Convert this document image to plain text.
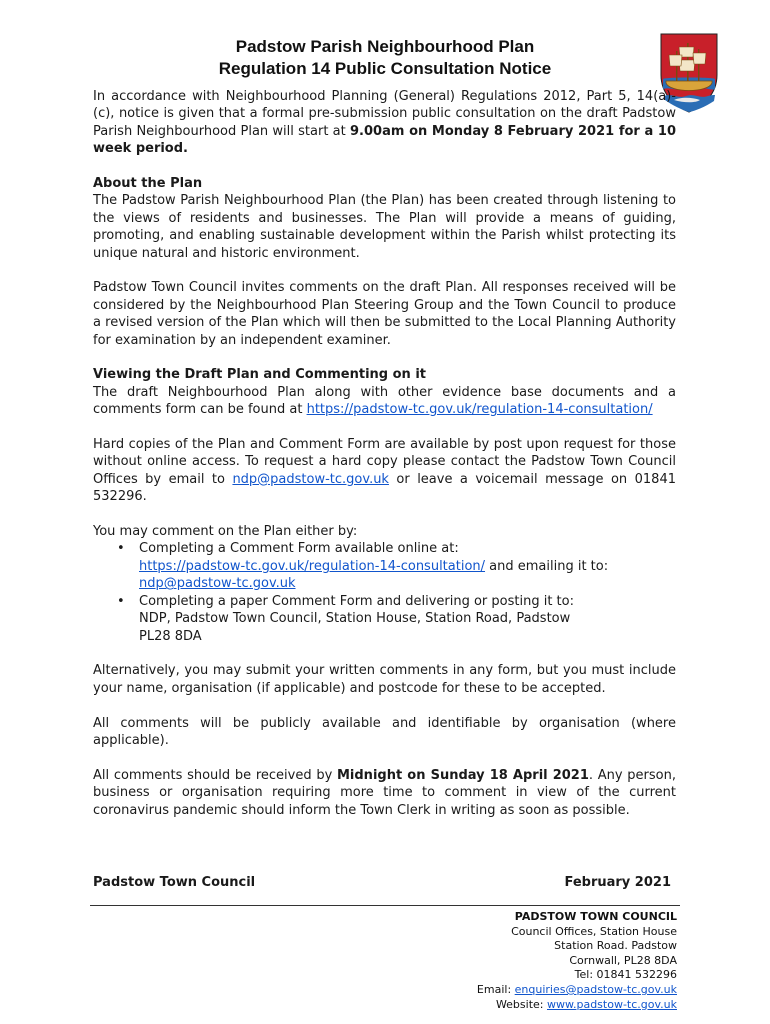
Padstow Parish Neighbourhood Plan
Regulation 14 Public Consultation Notice

In accordance with Neighbourhood Planning (General) Regulations 2012, Part 5, 14(a)-(c), notice is given that a formal pre-submission public consultation on the draft Padstow Parish Neighbourhood Plan will start at 9.00am on Monday 8 February 2021 for a 10 week period.

About the Plan

The Padstow Parish Neighbourhood Plan (the Plan) has been created through listening to the views of residents and businesses. The Plan will provide a means of guiding, promoting, and enabling sustainable development within the Parish whilst protecting its unique natural and historic environment.

Padstow Town Council invites comments on the draft Plan. All responses received will be considered by the Neighbourhood Plan Steering Group and the Town Council to produce a revised version of the Plan which will then be submitted to the Local Planning Authority for examination by an independent examiner.

Viewing the Draft Plan and Commenting on it

The draft Neighbourhood Plan along with other evidence base documents and a comments form can be found at https://padstow-tc.gov.uk/regulation-14-consultation/

Hard copies of the Plan and Comment Form are available by post upon request for those without online access. To request a hard copy please contact the Padstow Town Council Offices by email to ndp@padstow-tc.gov.uk or leave a voicemail message on 01841 532296.

You may comment on the Plan either by:

• Completing a Comment Form available online at:
https://padstow-tc.gov.uk/regulation-14-consultation/ and emailing it to:
ndp@padstow-tc.gov.uk
• Completing a paper Comment Form and delivering or posting it to:
NDP, Padstow Town Council, Station House, Station Road, Padstow
PL28 8DA

Alternatively, you may submit your written comments in any form, but you must include your name, organisation (if applicable) and postcode for these to be accepted.

All comments will be publicly available and identifiable by organisation (where applicable).

All comments should be received by Midnight on Sunday 18 April 2021. Any person, business or organisation requiring more time to comment in view of the current coronavirus pandemic should inform the Town Clerk in writing as soon as possible.

Padstow Town Council	February 2021
PADSTOW TOWN COUNCIL
Council Offices, Station House
Station Road. Padstow
Cornwall, PL28 8DA
Tel: 01841 532296
Email: enquiries@padstow-tc.gov.uk
Website: www.padstow-tc.gov.uk
